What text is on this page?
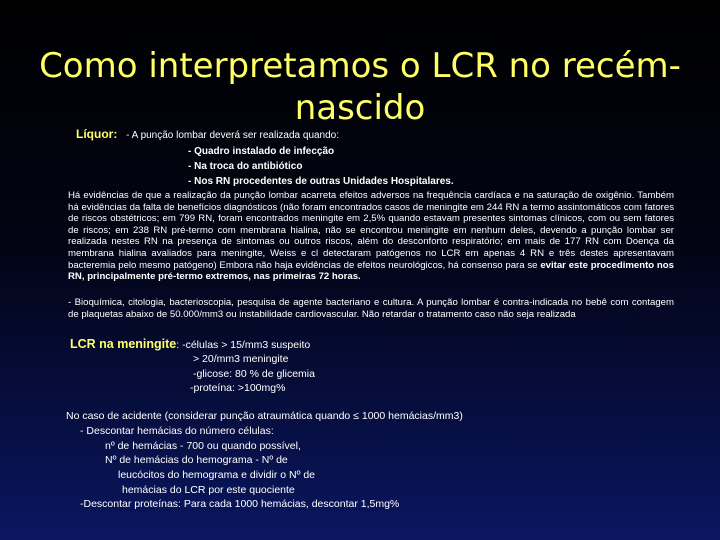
Como interpretamos o LCR no recém-
nascido
Líquor: - A punção lombar deverá ser realizada quando:
- Quadro instalado de infecção
- Na troca do antibiótico
- Nos RN procedentes de outras Unidades Hospitalares.
Há evidências de que a realização da punção lombar acarreta efeitos adversos na frequência cardíaca e na saturação de oxigênio. Também há evidências da falta de benefícios diagnósticos (não foram encontrados casos de meningite em 244 RN a termo assintomáticos com fatores de riscos obstétricos; em 799 RN, foram encontrados meningite em 2,5% quando estavam presentes sintomas clínicos, com ou sem fatores de riscos; em 238 RN pré-termo com membrana hialina, não se encontrou meningite em nenhum deles, devendo a punção lombar ser realizada nestes RN na presença de sintomas ou outros riscos, além do desconforto respiratório; em mais de 177 RN com Doença da membrana hialina avaliados para meningite, Weiss e cl detectaram patógenos no LCR em apenas 4 RN e três destes apresentavam bacteremia pelo mesmo patógeno) Embora não haja evidências de efeitos neurológicos, há consenso para se evitar este procedimento nos RN, principalmente pré-termo extremos, nas primeiras 72 horas.
- Bioquímica, citologia, bacterioscopia, pesquisa de agente bacteriano e cultura. A punção lombar é contra-indicada no bebê com contagem de plaquetas abaixo de 50.000/mm3 ou instabilidade cardiovascular. Não retardar o tratamento caso não seja realizada
LCR na meningite: -células > 15/mm3 suspeito
> 20/mm3 meningite
-glicose: 80 % de glicemia
-proteína: >100mg%
No caso de acidente (considerar punção atraumática quando ≤ 1000 hemácias/mm3)
- Descontar hemácias do número células:
nº de hemácias - 700 ou quando possível,
Nº de hemácias do hemograma - Nº de
leucócitos do hemograma e dividir o Nº de
hemácias do LCR por este quociente
-Descontar proteínas: Para cada 1000 hemácias, descontar 1,5mg%
